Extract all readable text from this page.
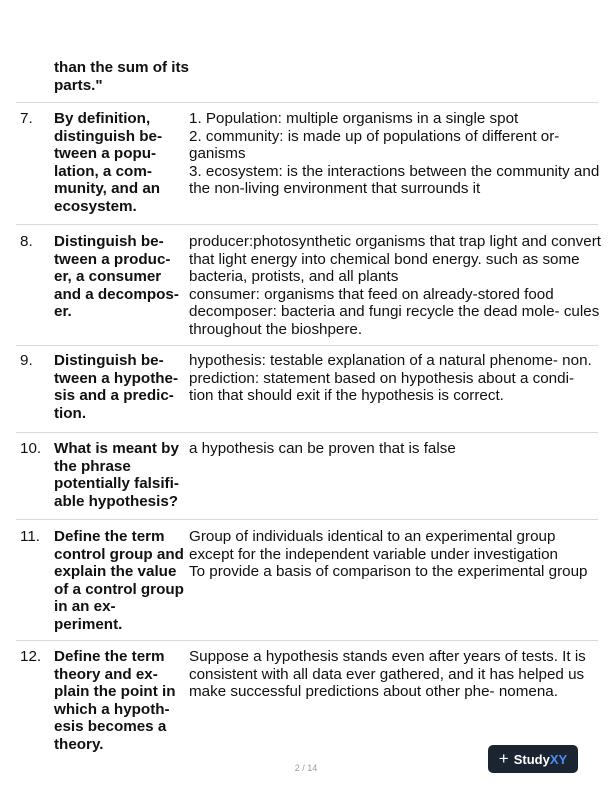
than the sum of its parts."
7. By definition, distinguish be- tween a popu- lation, a com- munity, and an ecosystem.
1. Population: multiple organisms in a single spot
2. community: is made up of populations of different or- ganisms
3. ecosystem: is the interactions between the community and the non-living environment that surrounds it
8. Distinguish be- tween a produc- er, a consumer and a decompos- er.
producer:photosynthetic organisms that trap light and convert that light energy into chemical bond energy. such as some bacteria, protists, and all plants
consumer: organisms that feed on already-stored food
decomposer: bacteria and fungi recycle the dead mole- cules throughout the bioshpere.
9. Distinguish be- tween a hypothe- sis and a predic- tion.
hypothesis: testable explanation of a natural phenome- non.
prediction: statement based on hypothesis about a condi- tion that should exit if the hypothesis is correct.
10. What is meant by the phrase potentially falsifi- able hypothesis?
a hypothesis can be proven that is false
11. Define the term control group and explain the value of a control group in an ex- periment.
Group of individuals identical to an experimental group except for the independent variable under investigation
To provide a basis of comparison to the experimental group
12. Define the term theory and ex- plain the point in which a hypoth- esis becomes a theory.
Suppose a hypothesis stands even after years of tests. It is consistent with all data ever gathered, and it has helped us make successful predictions about other phe- nomena.
2 / 14	+ Study XY
